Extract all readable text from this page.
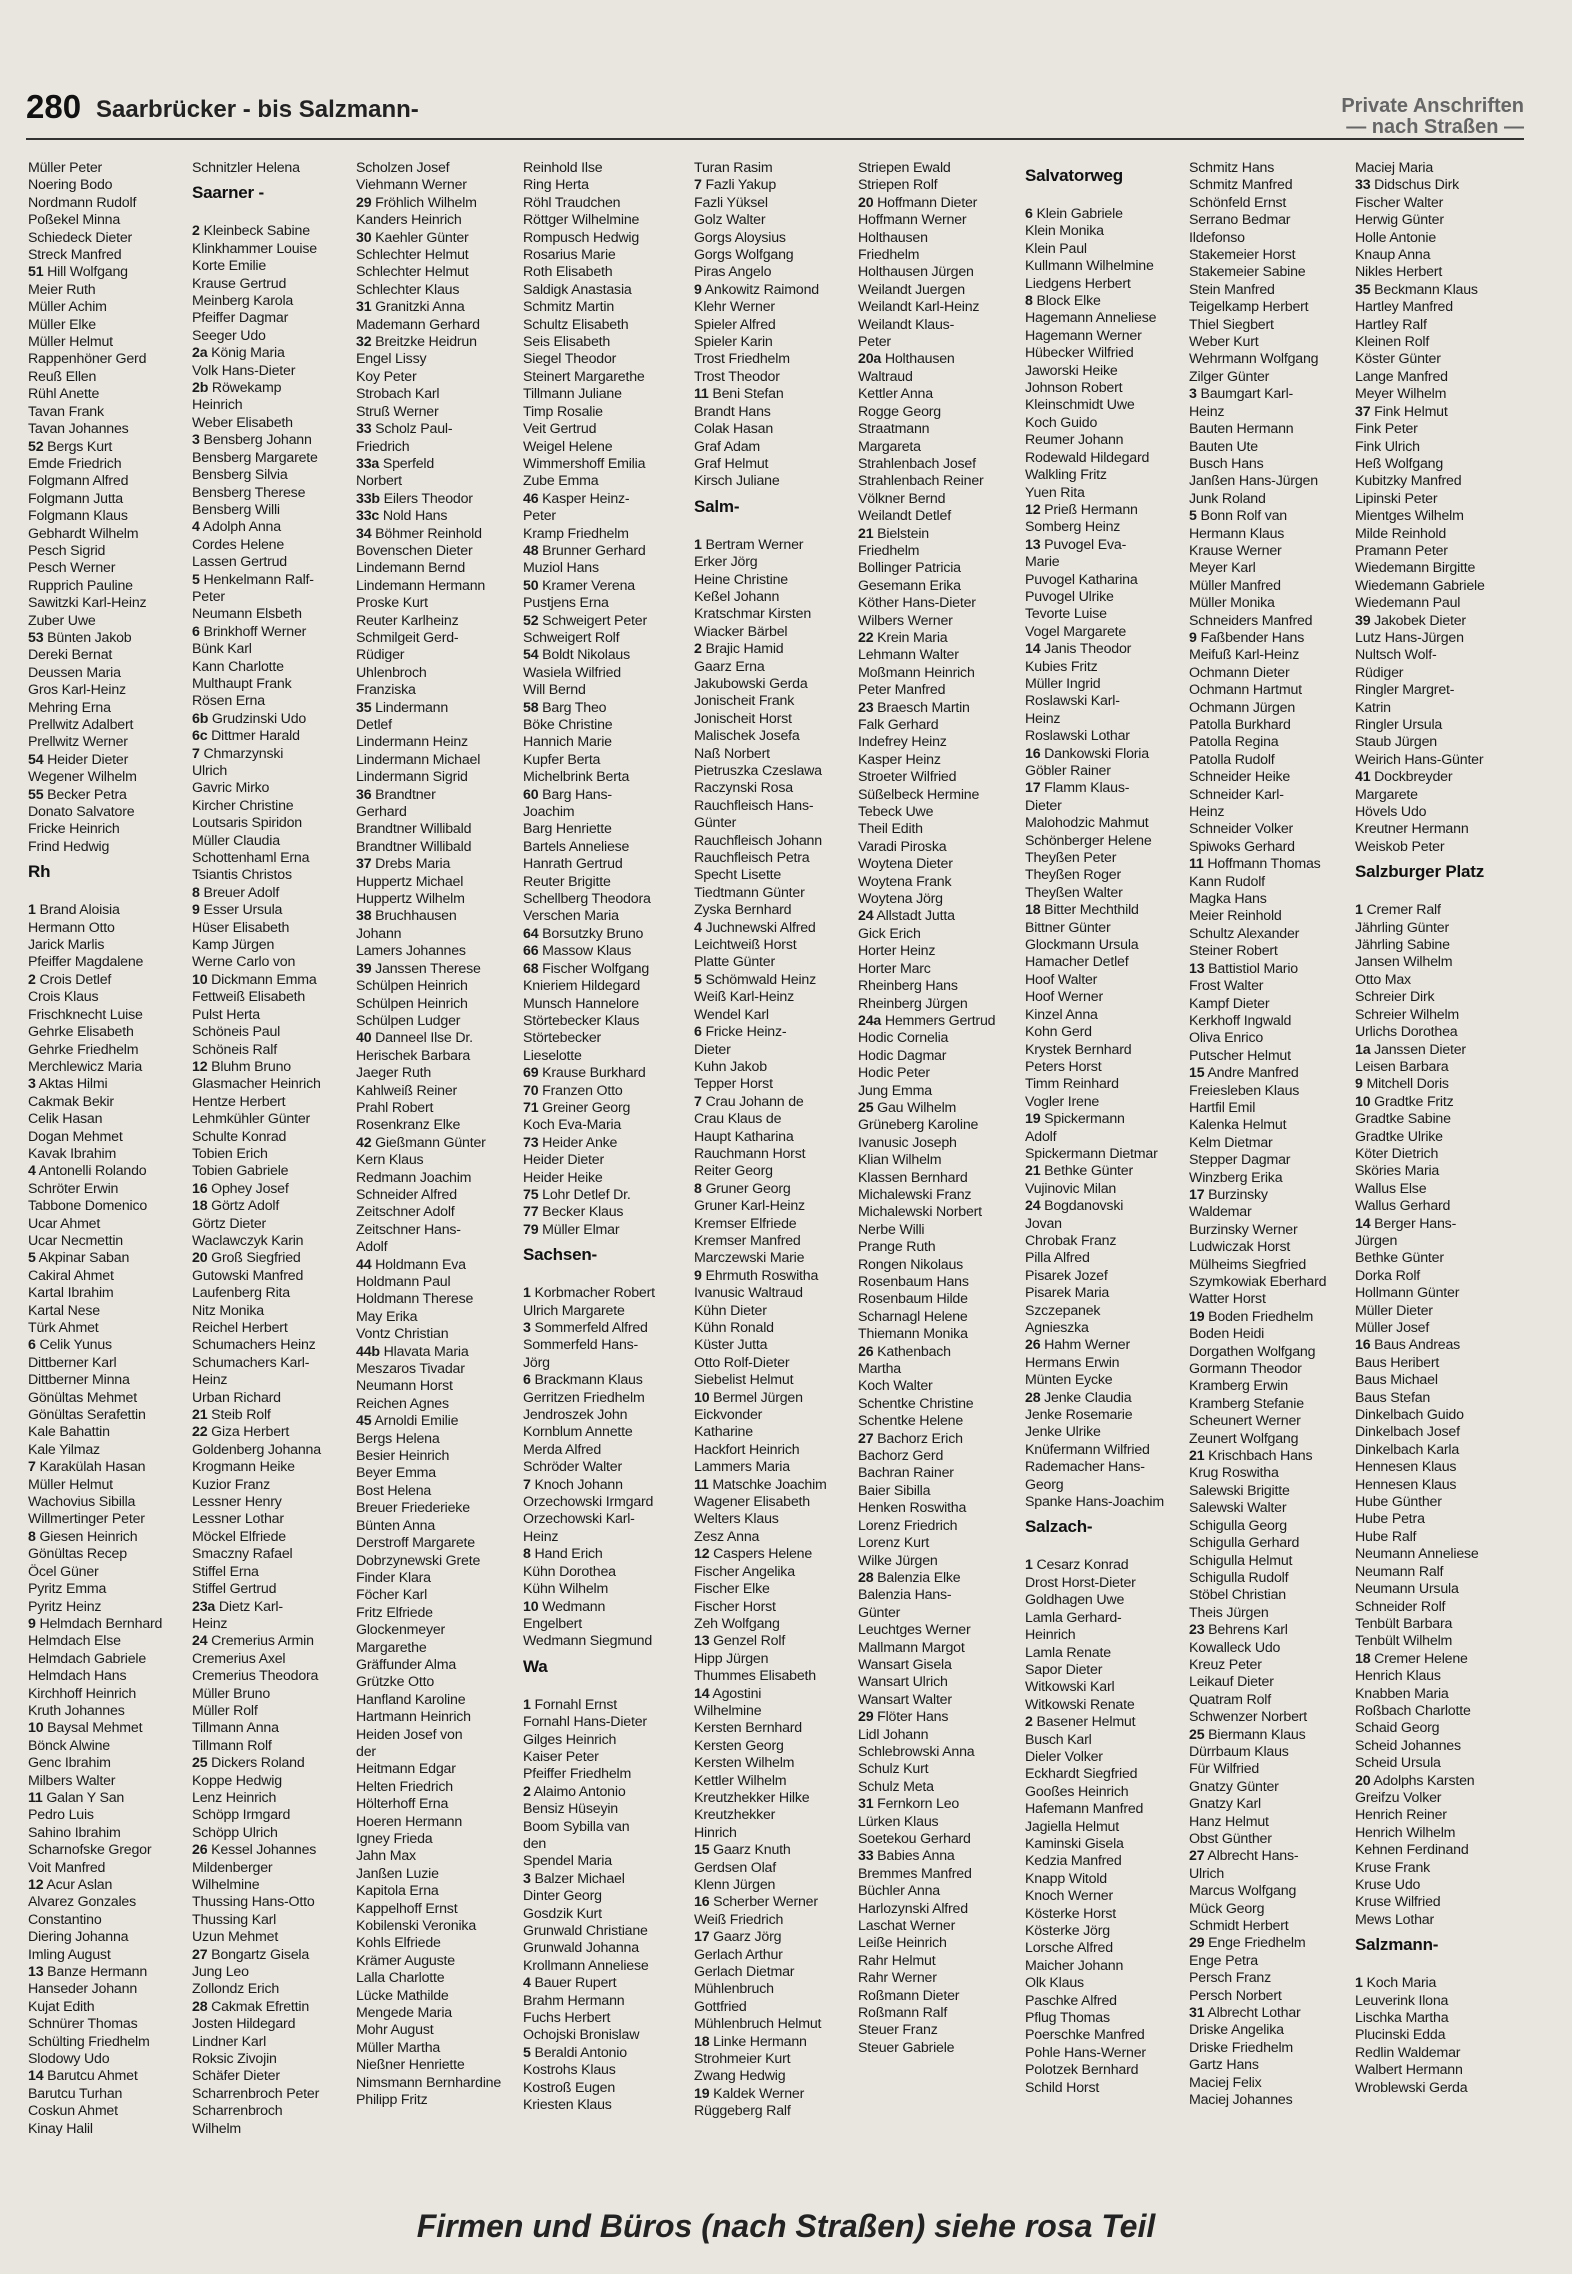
280 Saarbrücker - bis Salzmann-	Private Anschriften
— nach Straßen —
Müller Peter
Noering Bodo
Nordmann Rudolf
Poßekel Minna
Schiedeck Dieter
Streck Manfred
51 Hill Wolfgang
Meier Ruth
Müller Achim
Müller Elke
Müller Helmut
Rappenhöner Gerd
Reuß Ellen
Rühl Anette
Tavan Frank
Tavan Johannes
52 Bergs Kurt
Emde Friedrich
Folgmann Alfred
Folgmann Jutta
Folgmann Klaus
Gebhardt Wilhelm
Pesch Sigrid
Pesch Werner
Rupprich Pauline
Sawitzki Karl-Heinz
Zuber Uwe
53 Bünten Jakob
Dereki Bernat
Deussen Maria
Gros Karl-Heinz
Mehring Erna
Prellwitz Adalbert
Prellwitz Werner
54 Heider Dieter
Wegener Wilhelm
55 Becker Petra
Donato Salvatore
Fricke Heinrich
Frind Hedwig
Rh
1 Brand Aloisia
Hermann Otto
Jarick Marlis
Pfeiffer Magdalene
2 Crois Detlef
Crois Klaus
Frischknecht Luise
Gehrke Elisabeth
Gehrke Friedhelm
Merchlewicz Maria
3 Aktas Hilmi
Cakmak Bekir
Celik Hasan
Dogan Mehmet
Kavak Ibrahim
4 Antonelli Rolando
Schröter Erwin
Tabbone Domenico
Ucar Ahmet
Ucar Necmettin
5 Akpinar Saban
Cakiral Ahmet
Kartal Ibrahim
Kartal Nese
Türk Ahmet
6 Celik Yunus
Dittberner Karl
Dittberner Minna
Gönültas Mehmet
Gönültas Serafettin
Kale Bahattin
Kale Yilmaz
7 Karakülah Hasan
Müller Helmut
Wachovius Sibilla
Willmertinger Peter
8 Giesen Heinrich
Gönültas Recep
Öcel Güner
Pyritz Emma
Pyritz Heinz
9 Helmdach Bernhard
Helmdach Else
Helmdach Gabriele
Helmdach Hans
Kirchhoff Heinrich
Kruth Johannes
10 Baysal Mehmet
Bönck Alwine
Genc Ibrahim
Milbers Walter
11 Galan Y San
Pedro Luis
Sahino Ibrahim
Scharnofske Gregor
Voit Manfred
12 Acur Aslan
Alvarez Gonzales
Constantino
Diering Johanna
Imling August
13 Banze Hermann
Hanseder Johann
Kujat Edith
Schnürer Thomas
Schülting Friedhelm
Slodowy Udo
14 Barutcu Ahmet
Barutcu Turhan
Coskun Ahmet
Kinay Halil
Schnitzler Helena
Saarner -
2 Kleinbeck Sabine
Klinkhammer Louise
Korte Emilie
Krause Gertrud
Meinberg Karola
Pfeiffer Dagmar
Seeger Udo
2a König Maria
Volk Hans-Dieter
2b Röwekamp
Heinrich
Weber Elisabeth
3 Bensberg Johann
Bensberg Margarete
Bensberg Silvia
Bensberg Therese
Bensberg Willi
4 Adolph Anna
Cordes Helene
Lassen Gertrud
5 Henkelmann Ralf-
Peter
Neumann Elsbeth
6 Brinkhoff Werner
Bünk Karl
Kann Charlotte
Multhaupt Frank
Rösen Erna
6b Grudzinski Udo
6c Dittmer Harald
7 Chmarzynski
Ulrich
Gavric Mirko
Kircher Christine
Loutsaris Spiridon
Müller Claudia
Schottenhaml Erna
Tsiantis Christos
8 Breuer Adolf
9 Esser Ursula
Hüser Elisabeth
Kamp Jürgen
Werne Carlo von
10 Dickmann Emma
Fettweiß Elisabeth
Pulst Herta
Schöneis Paul
Schöneis Ralf
12 Bluhm Bruno
Glasmacher Heinrich
Hentze Herbert
Lehmkühler Günter
Schulte Konrad
Tobien Erich
Tobien Gabriele
16 Ophey Josef
18 Görtz Adolf
Görtz Dieter
Waclawczyk Karin
20 Groß Siegfried
Gutowski Manfred
Laufenberg Rita
Nitz Monika
Reichel Herbert
Schumachers Heinz
Schumachers Karl-
Heinz
Urban Richard
21 Steib Rolf
22 Giza Herbert
Goldenberg Johanna
Krogmann Heike
Kuzior Franz
Lessner Henry
Lessner Lothar
Möckel Elfriede
Smaczny Rafael
Stiffel Erna
Stiffel Gertrud
23a Dietz Karl-
Heinz
24 Cremerius Armin
Cremerius Axel
Cremerius Theodora
Müller Bruno
Müller Rolf
Tillmann Anna
Tillmann Rolf
25 Dickers Roland
Koppe Hedwig
Lenz Heinrich
Schöpp Irmgard
Schöpp Ulrich
26 Kessel Johannes
Mildenberger
Wilhelmine
Thussing Hans-Otto
Thussing Karl
Uzun Mehmet
27 Bongartz Gisela
Jung Leo
Zollondz Erich
28 Cakmak Efrettin
Josten Hildegard
Lindner Karl
Roksic Zivojin
Schäfer Dieter
Scharrenbroch Peter
Scharrenbroch
Wilhelm
Scholzen Josef
Viehmann Werner
29 Fröhlich Wilhelm
Kanders Heinrich
30 Kaehler Günter
Schlechter Helmut
Schlechter Helmut
Schlechter Klaus
31 Granitzki Anna
Mademann Gerhard
32 Breitzke Heidrun
Engel Lissy
Koy Peter
Strobach Karl
Struß Werner
33 Scholz Paul-
Friedrich
33a Sperfeld
Norbert
33b Eilers Theodor
33c Nold Hans
34 Böhmer Reinhold
Bovenschen Dieter
Lindemann Bernd
Lindemann Hermann
Proske Kurt
Reuter Karlheinz
Schmilgeit Gerd-
Rüdiger
Uhlenbroch
Franziska
35 Lindermann
Detlef
Lindermann Heinz
Lindermann Michael
Lindermann Sigrid
36 Brandtner
Gerhard
Brandtner Willibald
Brandtner Willibald
37 Drebs Maria
Huppertz Michael
Huppertz Wilhelm
38 Bruchhausen
Johann
Lamers Johannes
39 Janssen Therese
Schülpen Heinrich
Schülpen Heinrich
Schülpen Ludger
40 Danneel Ilse Dr.
Herischek Barbara
Jaeger Ruth
Kahlweiß Reiner
Prahl Robert
Rosenkranz Elke
42 Gießmann Günter
Kern Klaus
Redmann Joachim
Schneider Alfred
Zeitschner Adolf
Zeitschner Hans-
Adolf
44 Holdmann Eva
Holdmann Paul
Holdmann Therese
May Erika
Vontz Christian
44b Hlavata Maria
Meszaros Tivadar
Neumann Horst
Reichen Agnes
45 Arnoldi Emilie
Bergs Helena
Besier Heinrich
Beyer Emma
Bost Helena
Breuer Friederieke
Bünten Anna
Derstroff Margarete
Dobrzynewski Grete
Finder Klara
Föcher Karl
Fritz Elfriede
Glockenmeyer
Margarethe
Gräffunder Alma
Grützke Otto
Hanfland Karoline
Hartmann Heinrich
Heiden Josef von
der
Heitmann Edgar
Helten Friedrich
Hölterhoff Erna
Hoeren Hermann
Igney Frieda
Jahn Max
Janßen Luzie
Kapitola Erna
Kappelhoff Ernst
Kobilenski Veronika
Kohls Elfriede
Krämer Auguste
Lalla Charlotte
Lücke Mathilde
Mengede Maria
Mohr August
Müller Martha
Nießner Henriette
Nimsmann Bernhardine
Philipp Fritz
Reinhold Ilse
Ring Herta
Röhl Traudchen
Röttger Wilhelmine
Rompusch Hedwig
Rosarius Marie
Roth Elisabeth
Saldigk Anastasia
Schmitz Martin
Schultz Elisabeth
Seis Elisabeth
Siegel Theodor
Steinert Margarethe
Tillmann Juliane
Timp Rosalie
Veit Gertrud
Weigel Helene
Wimmershoff Emilia
Zube Emma
46 Kasper Heinz-
Peter
Kramp Friedhelm
48 Brunner Gerhard
Muziol Hans
50 Kramer Verena
Pustjens Erna
52 Schweigert Peter
Schweigert Rolf
54 Boldt Nikolaus
Wasiela Wilfried
Will Bernd
58 Barg Theo
Böke Christine
Hannich Marie
Kupfer Berta
Michelbrink Berta
60 Barg Hans-
Joachim
Barg Henriette
Bartels Anneliese
Hanrath Gertrud
Reuter Brigitte
Schellberg Theodora
Verschen Maria
64 Borsutzky Bruno
66 Massow Klaus
68 Fischer Wolfgang
Knieriem Hildegard
Munsch Hannelore
Störtebecker Klaus
Störtebecker
Lieselotte
69 Krause Burkhard
70 Franzen Otto
71 Greiner Georg
Koch Eva-Maria
73 Heider Anke
Heider Dieter
Heider Heike
75 Lohr Detlef Dr.
77 Becker Klaus
79 Müller Elmar
Sachsen-
1 Korbmacher Robert
Ulrich Margarete
3 Sommerfeld Alfred
Sommerfeld Hans-
Jörg
6 Brackmann Klaus
Gerritzen Friedhelm
Jendroszek John
Kornblum Annette
Merda Alfred
Schröder Walter
7 Knoch Johann
Orzechowski Irmgard
Orzechowski Karl-
Heinz
8 Hand Erich
Kühn Dorothea
Kühn Wilhelm
10 Wedmann
Engelbert
Wedmann Siegmund
Wa
1 Fornahl Ernst
Fornahl Hans-Dieter
Gilges Heinrich
Kaiser Peter
Pfeiffer Friedhelm
2 Alaimo Antonio
Bensiz Hüseyin
Boom Sybilla van
den
Spendel Maria
3 Balzer Michael
Dinter Georg
Gosdzik Kurt
Grunwald Christiane
Grunwald Johanna
Krollmann Anneliese
4 Bauer Rupert
Brahm Hermann
Fuchs Herbert
Ochojski Bronislaw
5 Beraldi Antonio
Kostrohs Klaus
Kostroß Eugen
Kriesten Klaus
Turan Rasim
7 Fazli Yakup
Fazli Yüksel
Golz Walter
Gorgs Aloysius
Gorgs Wolfgang
Piras Angelo
9 Ankowitz Raimond
Klehr Werner
Spieler Alfred
Spieler Karin
Trost Friedhelm
Trost Theodor
11 Beni Stefan
Brandt Hans
Colak Hasan
Graf Adam
Graf Helmut
Kirsch Juliane
Salm-
1 Bertram Werner
Erker Jörg
Heine Christine
Keßel Johann
Kratschmar Kirsten
Wiacker Bärbel
2 Brajic Hamid
Gaarz Erna
Jakubowski Gerda
Jonischeit Frank
Jonischeit Horst
Malischek Josefa
Naß Norbert
Pietruszka Czeslawa
Raczynski Rosa
Rauchfleisch Hans-
Günter
Rauchfleisch Johann
Rauchfleisch Petra
Specht Lisette
Tiedtmann Günter
Zyska Bernhard
4 Juchnewski Alfred
Leichtweiß Horst
Platte Günter
5 Schömwald Heinz
Weiß Karl-Heinz
Wendel Karl
6 Fricke Heinz-
Dieter
Kuhn Jakob
Tepper Horst
7 Crau Johann de
Crau Klaus de
Haupt Katharina
Rauchmann Horst
Reiter Georg
8 Gruner Georg
Gruner Karl-Heinz
Kremser Elfriede
Kremser Manfred
Marczewski Marie
9 Ehrmuth Roswitha
Ivanusic Waltraud
Kühn Dieter
Kühn Ronald
Küster Jutta
Otto Rolf-Dieter
Siebelist Helmut
10 Bermel Jürgen
Eickvonder
Katharine
Hackfort Heinrich
Lammers Maria
11 Matschke Joachim
Wagener Elisabeth
Welters Klaus
Zesz Anna
12 Caspers Helene
Fischer Angelika
Fischer Elke
Fischer Horst
Zeh Wolfgang
13 Genzel Rolf
Hipp Jürgen
Thummes Elisabeth
14 Agostini
Wilhelmine
Kersten Bernhard
Kersten Georg
Kersten Wilhelm
Kettler Wilhelm
Kreutzhekker Hilke
Kreutzhekker
Hinrich
15 Gaarz Knuth
Gerdsen Olaf
Klenn Jürgen
16 Scherber Werner
Weiß Friedrich
17 Gaarz Jörg
Gerlach Arthur
Gerlach Dietmar
Mühlenbruch
Gottfried
Mühlenbruch Helmut
18 Linke Hermann
Strohmeier Kurt
Zwang Hedwig
19 Kaldek Werner
Rüggeberg Ralf
Striepen Ewald
Striepen Rolf
20 Hoffmann Dieter
Hoffmann Werner
Holthausen
Friedhelm
Holthausen Jürgen
Weilandt Juergen
Weilandt Karl-Heinz
Weilandt Klaus-
Peter
20a Holthausen
Waltraud
Kettler Anna
Rogge Georg
Straatmann
Margareta
Strahlenbach Josef
Strahlenbach Reiner
Völkner Bernd
Weilandt Detlef
21 Bielstein
Friedhelm
Bollinger Patricia
Gesemann Erika
Köther Hans-Dieter
Wilbers Werner
22 Krein Maria
Lehmann Walter
Moßmann Heinrich
Peter Manfred
23 Braesch Martin
Falk Gerhard
Indefrey Heinz
Kasper Heinz
Stroeter Wilfried
Süßelbeck Hermine
Tebeck Uwe
Theil Edith
Varadi Piroska
Woytena Dieter
Woytena Frank
Woytena Jörg
24 Allstadt Jutta
Gick Erich
Horter Heinz
Horter Marc
Rheinberg Hans
Rheinberg Jürgen
24a Hemmers Gertrud
Hodic Cornelia
Hodic Dagmar
Hodic Peter
Jung Emma
25 Gau Wilhelm
Grüneberg Karoline
Ivanusic Joseph
Klian Wilhelm
Klassen Bernhard
Michalewski Franz
Michalewski Norbert
Nerbe Willi
Prange Ruth
Rongen Nikolaus
Rosenbaum Hans
Rosenbaum Hilde
Scharnagl Helene
Thiemann Monika
26 Kathenbach
Martha
Koch Walter
Schentke Christine
Schentke Helene
27 Bachorz Erich
Bachorz Gerd
Bachran Rainer
Baier Sibilla
Henken Roswitha
Lorenz Friedrich
Lorenz Kurt
Wilke Jürgen
28 Balenzia Elke
Balenzia Hans-
Günter
Leuchtges Werner
Mallmann Margot
Wansart Gisela
Wansart Ulrich
Wansart Walter
29 Flöter Hans
Lidl Johann
Schlebrowski Anna
Schulz Kurt
Schulz Meta
31 Fernkorn Leo
Lürken Klaus
Soetekou Gerhard
33 Babies Anna
Bremmes Manfred
Büchler Anna
Harlozynski Alfred
Laschat Werner
Leiße Heinrich
Rahr Helmut
Rahr Werner
Roßmann Dieter
Roßmann Ralf
Steuer Franz
Steuer Gabriele
Salvatorweg
6 Klein Gabriele
Klein Monika
Klein Paul
Kullmann Wilhelmine
Liedgens Herbert
8 Block Elke
Hagemann Anneliese
Hagemann Werner
Hübecker Wilfried
Jaworski Heike
Johnson Robert
Kleinschmidt Uwe
Koch Guido
Reumer Johann
Rodewald Hildegard
Walkling Fritz
Yuen Rita
12 Prieß Hermann
Somberg Heinz
13 Puvogel Eva-
Marie
Puvogel Katharina
Puvogel Ulrike
Tevorte Luise
Vogel Margarete
14 Janis Theodor
Kubies Fritz
Müller Ingrid
Roslawski Karl-
Heinz
Roslawski Lothar
16 Dankowski Floria
Göbler Rainer
17 Flamm Klaus-
Dieter
Malohodzic Mahmut
Schönberger Helene
Theyßen Peter
Theyßen Roger
Theyßen Walter
18 Bitter Mechthild
Bittner Günter
Glockmann Ursula
Hamacher Detlef
Hoof Walter
Hoof Werner
Kinzel Anna
Kohn Gerd
Krystek Bernhard
Peters Horst
Timm Reinhard
Vogler Irene
19 Spickermann
Adolf
Spickermann Dietmar
21 Bethke Günter
Vujinovic Milan
24 Bogdanovski
Jovan
Chrobak Franz
Pilla Alfred
Pisarek Jozef
Pisarek Maria
Szczepanek
Agnieszka
26 Hahm Werner
Hermans Erwin
Münten Eycke
28 Jenke Claudia
Jenke Rosemarie
Jenke Ulrike
Knüfermann Wilfried
Rademacher Hans-
Georg
Spanke Hans-Joachim
Salzach-
1 Cesarz Konrad
Drost Horst-Dieter
Goldhagen Uwe
Lamla Gerhard-
Heinrich
Lamla Renate
Sapor Dieter
Witkowski Karl
Witkowski Renate
2 Basener Helmut
Busch Karl
Dieler Volker
Eckhardt Siegfried
Gooßes Heinrich
Hafemann Manfred
Jagiella Helmut
Kaminski Gisela
Kedzia Manfred
Knapp Witold
Knoch Werner
Kösterke Horst
Kösterke Jörg
Lorsche Alfred
Maicher Johann
Olk Klaus
Paschke Alfred
Pflug Thomas
Poerschke Manfred
Pohle Hans-Werner
Polotzek Bernhard
Schild Horst
Schmitz Hans
Schmitz Manfred
Schönfeld Ernst
Serrano Bedmar
Ildefonso
Stakemeier Horst
Stakemeier Sabine
Stein Manfred
Teigelkamp Herbert
Thiel Siegbert
Weber Kurt
Wehrmann Wolfgang
Zilger Günter
3 Baumgart Karl-
Heinz
Bauten Hermann
Bauten Ute
Busch Hans
Janßen Hans-Jürgen
Junk Roland
5 Bonn Rolf van
Hermann Klaus
Krause Werner
Meyer Karl
Müller Manfred
Müller Monika
Schneiders Manfred
9 Faßbender Hans
Meifuß Karl-Heinz
Ochmann Dieter
Ochmann Hartmut
Ochmann Jürgen
Patolla Burkhard
Patolla Regina
Patolla Rudolf
Schneider Heike
Schneider Karl-
Heinz
Schneider Volker
Spiwoks Gerhard
11 Hoffmann Thomas
Kann Rudolf
Magka Hans
Meier Reinhold
Schultz Alexander
Steiner Robert
13 Battistiol Mario
Frost Walter
Kampf Dieter
Kerkhoff Ingwald
Oliva Enrico
Putscher Helmut
15 Andre Manfred
Freiesleben Klaus
Hartfil Emil
Kalenka Helmut
Kelm Dietmar
Stepper Dagmar
Winzberg Erika
17 Burzinsky
Waldemar
Burzinsky Werner
Ludwiczak Horst
Mülheims Siegfried
Szymkowiak Eberhard
Watter Horst
19 Boden Friedhelm
Boden Heidi
Dorgathen Wolfgang
Gormann Theodor
Kramberg Erwin
Kramberg Stefanie
Scheunert Werner
Zeunert Wolfgang
21 Krischbach Hans
Krug Roswitha
Salewski Brigitte
Salewski Walter
Schigulla Georg
Schigulla Gerhard
Schigulla Helmut
Schigulla Rudolf
Stöbel Christian
Theis Jürgen
23 Behrens Karl
Kowalleck Udo
Kreuz Peter
Leikauf Dieter
Quatram Rolf
Schwenzer Norbert
25 Biermann Klaus
Dürrbaum Klaus
Für Wilfried
Gnatzy Günter
Gnatzy Karl
Hanz Helmut
Obst Günther
27 Albrecht Hans-
Ulrich
Marcus Wolfgang
Mück Georg
Schmidt Herbert
29 Enge Friedhelm
Enge Petra
Persch Franz
Persch Norbert
31 Albrecht Lothar
Driske Angelika
Driske Friedhelm
Gartz Hans
Maciej Felix
Maciej Johannes
Maciej Maria
33 Didschus Dirk
Fischer Walter
Herwig Günter
Holle Antonie
Knaup Anna
Nikles Herbert
35 Beckmann Klaus
Hartley Manfred
Hartley Ralf
Kleinen Rolf
Köster Günter
Lange Manfred
Meyer Wilhelm
37 Fink Helmut
Fink Peter
Fink Ulrich
Heß Wolfgang
Kubitzky Manfred
Lipinski Peter
Mientges Wilhelm
Milde Reinhold
Pramann Peter
Wiedemann Birgitte
Wiedemann Gabriele
Wiedemann Paul
39 Jakobek Dieter
Lutz Hans-Jürgen
Nultsch Wolf-
Rüdiger
Ringler Margret-
Katrin
Ringler Ursula
Staub Jürgen
Weirich Hans-Günter
41 Dockbreyder
Margarete
Hövels Udo
Kreutner Hermann
Weiskob Peter
Salzburger Platz
1 Cremer Ralf
Jährling Günter
Jährling Sabine
Jansen Wilhelm
Otto Max
Schreier Dirk
Schreier Wilhelm
Urlichs Dorothea
1a Janssen Dieter
Leisen Barbara
9 Mitchell Doris
10 Gradtke Fritz
Gradtke Sabine
Gradtke Ulrike
Köter Dietrich
Sköries Maria
Wallus Else
Wallus Gerhard
14 Berger Hans-
Jürgen
Bethke Günter
Dorka Rolf
Hollmann Günter
Müller Dieter
Müller Josef
16 Baus Andreas
Baus Heribert
Baus Michael
Baus Stefan
Dinkelbach Guido
Dinkelbach Josef
Dinkelbach Karla
Hennesen Klaus
Hennesen Klaus
Hube Günther
Hube Petra
Hube Ralf
Neumann Anneliese
Neumann Ralf
Neumann Ursula
Schneider Rolf
Tenbült Barbara
Tenbült Wilhelm
18 Cremer Helene
Henrich Klaus
Knabben Maria
Roßbach Charlotte
Schaid Georg
Scheid Johannes
Scheid Ursula
20 Adolphs Karsten
Greifzu Volker
Henrich Reiner
Henrich Wilhelm
Kehnen Ferdinand
Kruse Frank
Kruse Udo
Kruse Wilfried
Mews Lothar
Salzmann-
1 Koch Maria
Leuverink Ilona
Lischka Martha
Plucinski Edda
Redlin Waldemar
Walbert Hermann
Wroblewski Gerda
Firmen und Büros (nach Straßen) siehe rosa Teil
